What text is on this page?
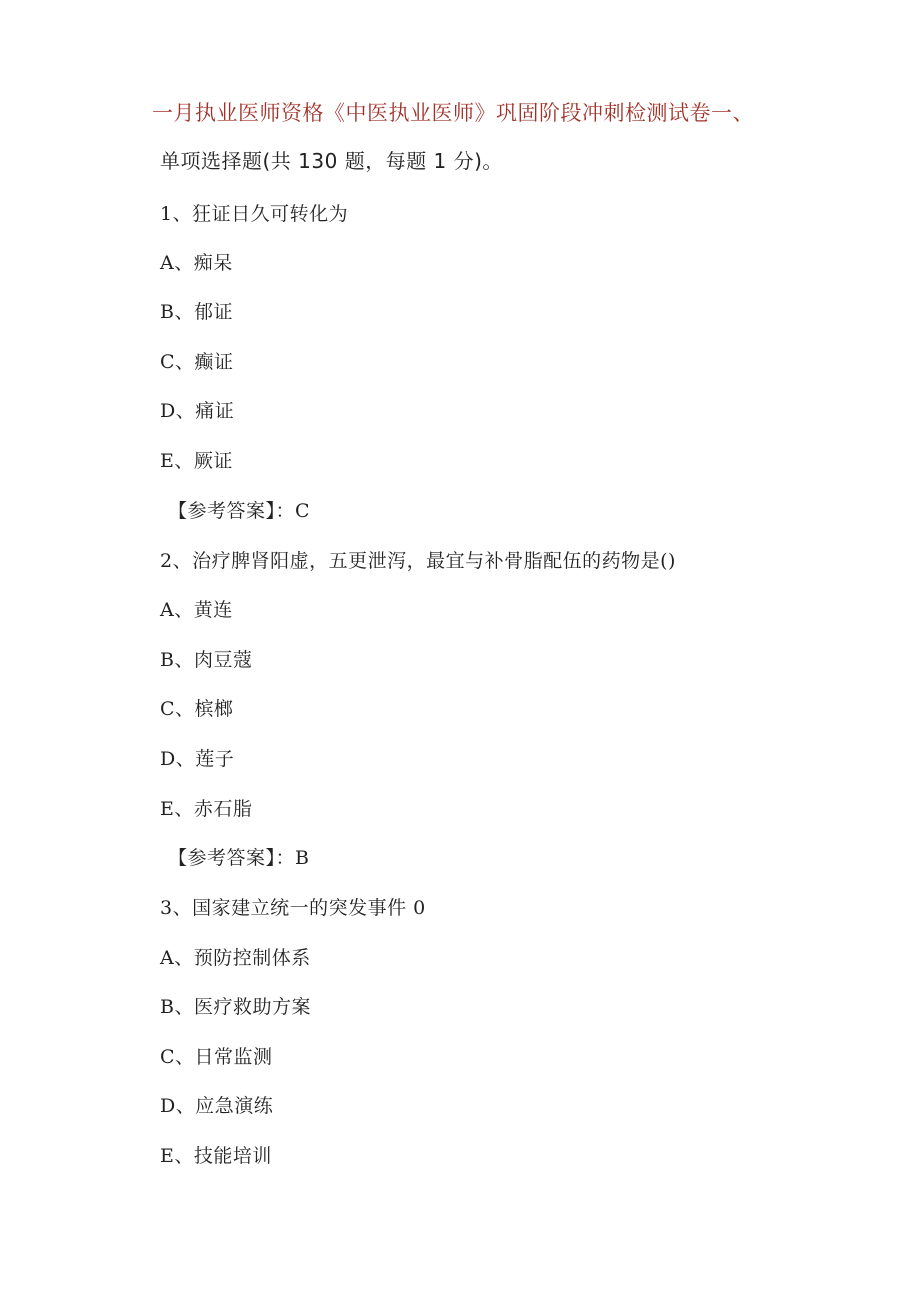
一月执业医师资格《中医执业医师》巩固阶段冲刺检测试卷一、
单项选择题(共 130 题，每题 1 分)。
1、狂证日久可转化为
A、痴呆
B、郁证
C、癫证
D、痛证
E、厥证
【参考答案】：C
2、治疗脾肾阳虚，五更泄泻，最宜与补骨脂配伍的药物是()
A、黄连
B、肉豆蔻
C、槟榔
D、莲子
E、赤石脂
【参考答案】：B
3、国家建立统一的突发事件 0
A、预防控制体系
B、医疗救助方案
C、日常监测
D、应急演练
E、技能培训
